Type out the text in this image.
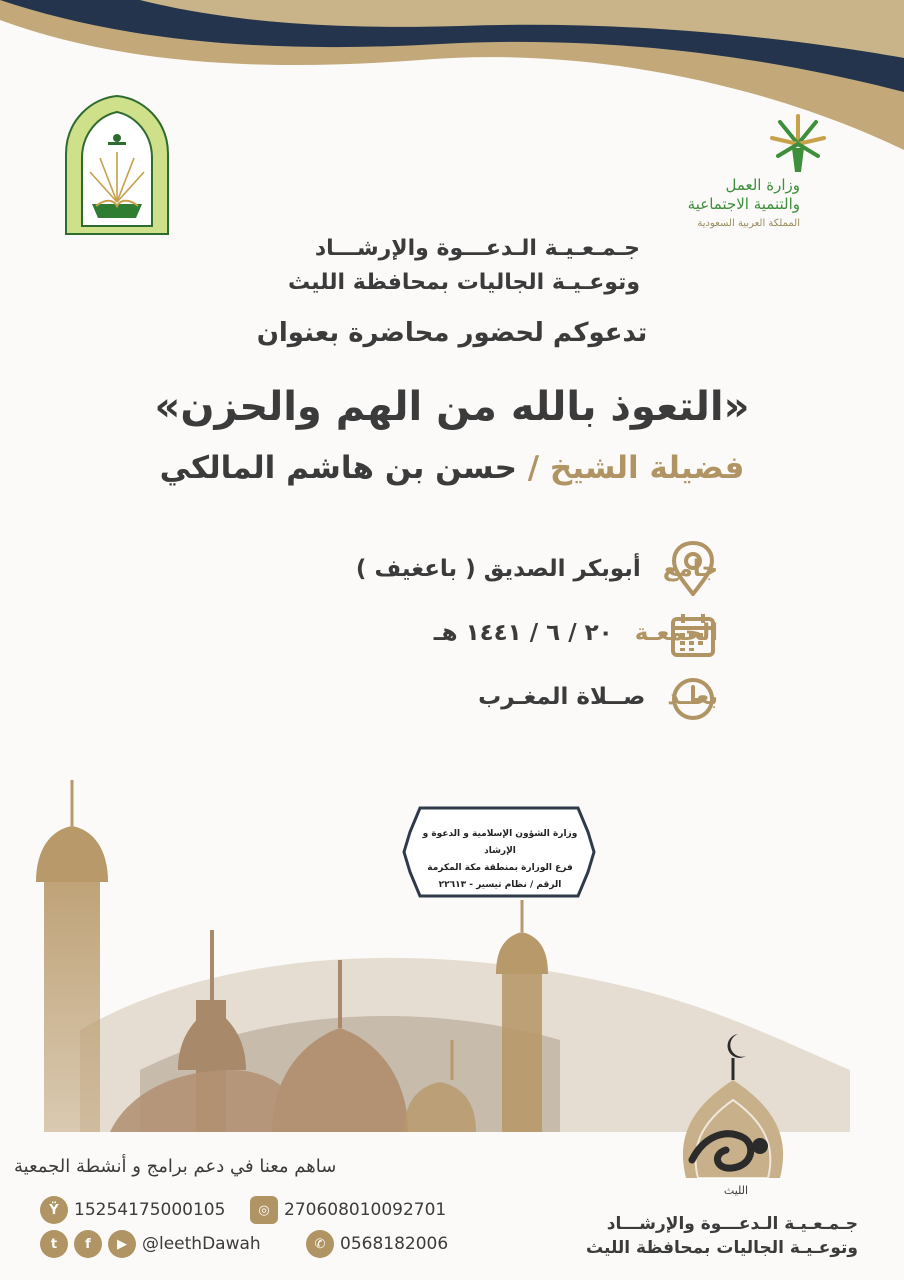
وزارة العمل
والتنمية الاجتماعية
المملكة العربية السعودية
جـمـعـيـة الـدعـــوة والإرشـــاد
وتوعـيـة الجاليات بمحافظة الليث
تدعوكم لحضور محاضرة بعنوان
«التعوذ بالله من الهم والحزن»
فضيلة الشيخ / حسن بن هاشم المالكي
جامع
أبوبكر الصديق ( باعغيف )
الجمعـة
٢٠ / ٦ / ١٤٤١ هـ
بعــد
صــلاة المغـرب
وزارة الشؤون الإسلامية و الدعوة و الإرشاد
فرع الوزارة بمنطقة مكة المكرمة
الرقم / نظام تيسير - ٢٢٦١٣
ساهم معنا في دعم برامج و أنشطة الجمعية
Ÿ 15254175000105	◎ 270608010092701
t	f	▶ @leethDawah	✆ 0568182006
الليث
جـمـعـيـة الـدعـــوة والإرشـــاد
وتوعـيـة الجاليات بمحافظة الليث
